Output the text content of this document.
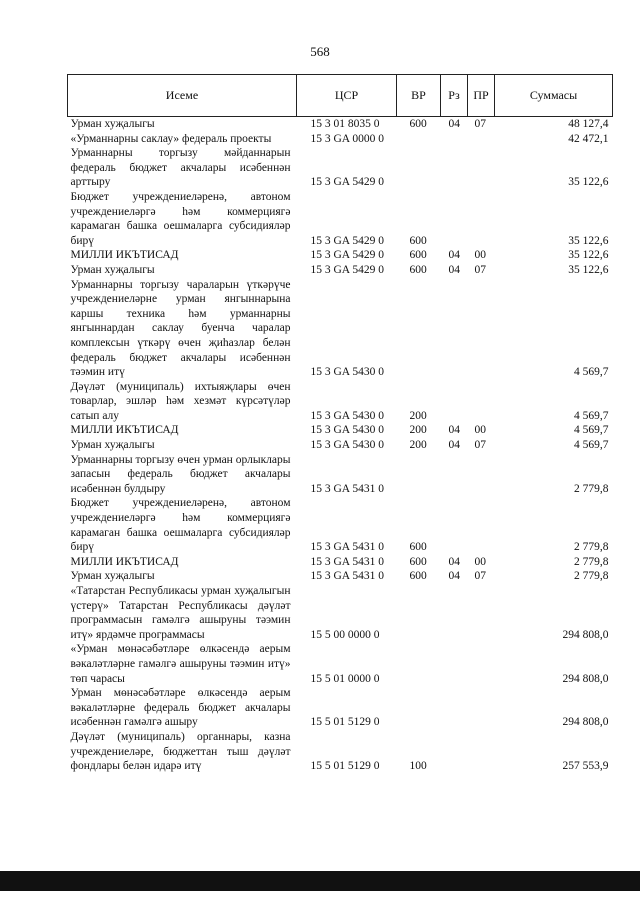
568
Исеме	ЦСР	ВР	Рз	ПР	Суммасы
Урман хуҗалыгы	15 3 01 8035 0	600	04	07	48 127,4
«Урманнарны саклау» федераль проекты	15 3 GA 0000 0				42 472,1
Урманнарны торгызу мәйданнарын федераль бюджет акчалары исәбеннән арттыру	15 3 GA 5429 0				35 122,6
Бюджет учреждениеләренә, автоном учреждениеләргә һәм коммерциягә карамаган башка оешмаларга субсидияләр бирү	15 3 GA 5429 0	600			35 122,6
МИЛЛИ ИКЪТИСАД	15 3 GA 5429 0	600	04	00	35 122,6
Урман хуҗалыгы	15 3 GA 5429 0	600	04	07	35 122,6
Урманнарны торгызу чараларын үткәрүче учреждениеләрне урман янгыннарына каршы техника һәм урманнарны янгыннардан саклау буенча чаралар комплексын үткәрү өчен җиһазлар белән федераль бюджет акчалары исәбеннән тәэмин итү	15 3 GA 5430 0				4 569,7
Дәүләт (муниципаль) ихтыяҗлары өчен товарлар, эшләр һәм хезмәт күрсәтүләр сатып алу	15 3 GA 5430 0	200			4 569,7
МИЛЛИ ИКЪТИСАД	15 3 GA 5430 0	200	04	00	4 569,7
Урман хуҗалыгы	15 3 GA 5430 0	200	04	07	4 569,7
Урманнарны торгызу өчен урман орлыклары запасын федераль бюджет акчалары исәбеннән булдыру	15 3 GA 5431 0				2 779,8
Бюджет учреждениеләренә, автоном учреждениеләргә һәм коммерциягә карамаган башка оешмаларга субсидияләр бирү	15 3 GA 5431 0	600			2 779,8
МИЛЛИ ИКЪТИСАД	15 3 GA 5431 0	600	04	00	2 779,8
Урман хуҗалыгы	15 3 GA 5431 0	600	04	07	2 779,8
«Татарстан Республикасы урман хуҗалыгын үстерү» Татарстан Республикасы дәүләт программасын гамәлгә ашыруны тәэмин итү» ярдәмче программасы	15 5 00 0000 0				294 808,0
«Урман мөнәсәбәтләре өлкәсендә аерым вәкаләтләрне гамәлгә ашыруны тәэмин итү» төп чарасы	15 5 01 0000 0				294 808,0
Урман мөнәсәбәтләре өлкәсендә аерым вәкаләтләрне федераль бюджет акчалары исәбеннән гамәлгә ашыру	15 5 01 5129 0				294 808,0
Дәүләт (муниципаль) органнары, казна учреждениеләре, бюджеттан тыш дәүләт фондлары белән идарә итү	15 5 01 5129 0	100			257 553,9
